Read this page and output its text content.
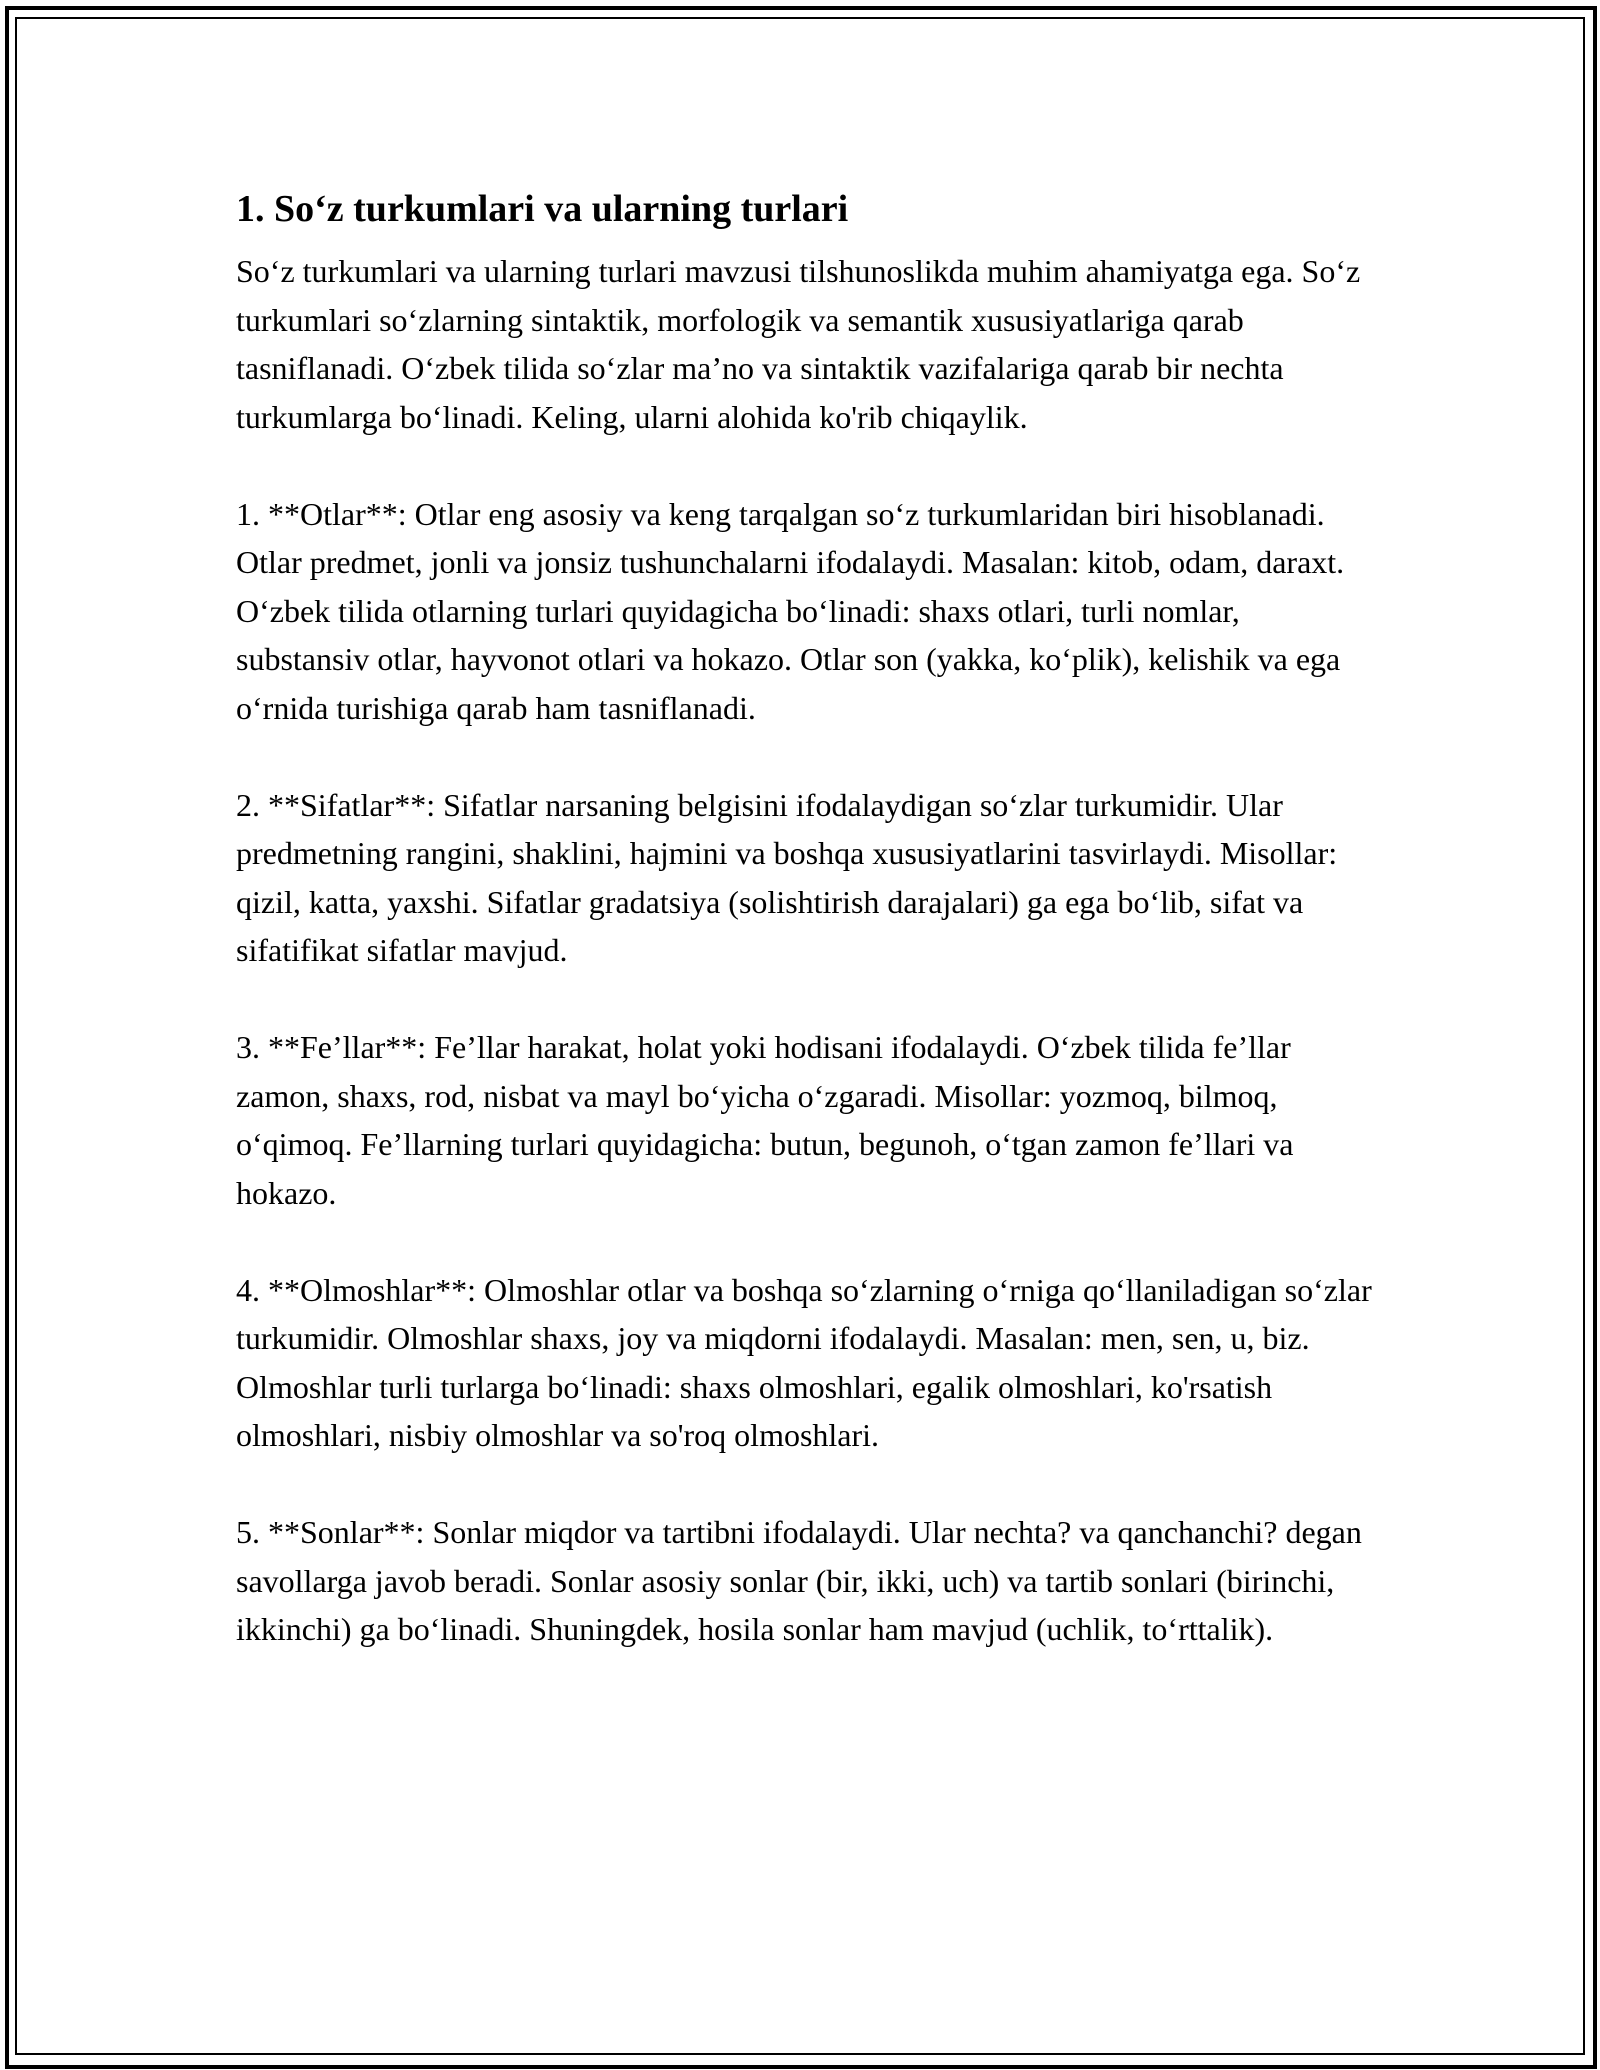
1. So‘z turkumlari va ularning turlari

So‘z turkumlari va ularning turlari mavzusi tilshunoslikda muhim ahamiyatga ega. So‘z turkumlari so‘zlarning sintaktik, morfologik va semantik xususiyatlariga qarab tasniflanadi. O‘zbek tilida so‘zlar ma’no va sintaktik vazifalariga qarab bir nechta turkumlarga bo‘linadi. Keling, ularni alohida ko'rib chiqaylik.

1. **Otlar**: Otlar eng asosiy va keng tarqalgan so‘z turkumlaridan biri hisoblanadi. Otlar predmet, jonli va jonsiz tushunchalarni ifodalaydi. Masalan: kitob, odam, daraxt. O‘zbek tilida otlarning turlari quyidagicha bo‘linadi: shaxs otlari, turli nomlar, substansiv otlar, hayvonot otlari va hokazo. Otlar son (yakka, ko‘plik), kelishik va ega o‘rnida turishiga qarab ham tasniflanadi.

2. **Sifatlar**: Sifatlar narsaning belgisini ifodalaydigan so‘zlar turkumidir. Ular predmetning rangini, shaklini, hajmini va boshqa xususiyatlarini tasvirlaydi. Misollar: qizil, katta, yaxshi. Sifatlar gradatsiya (solishtirish darajalari) ga ega bo‘lib, sifat va sifatifikat sifatlar mavjud.

3. **Fe’llar**: Fe’llar harakat, holat yoki hodisani ifodalaydi. O‘zbek tilida fe’llar zamon, shaxs, rod, nisbat va mayl bo‘yicha o‘zgaradi. Misollar: yozmoq, bilmoq, o‘qimoq. Fe’llarning turlari quyidagicha: butun, begunoh, o‘tgan zamon fe’llari va hokazo.

4. **Olmoshlar**: Olmoshlar otlar va boshqa so‘zlarning o‘rniga qo‘llaniladigan so‘zlar turkumidir. Olmoshlar shaxs, joy va miqdorni ifodalaydi. Masalan: men, sen, u, biz. Olmoshlar turli turlarga bo‘linadi: shaxs olmoshlari, egalik olmoshlari, ko'rsatish olmoshlari, nisbiy olmoshlar va so'roq olmoshlari.

5. **Sonlar**: Sonlar miqdor va tartibni ifodalaydi. Ular nechta? va qanchanchi? degan savollarga javob beradi. Sonlar asosiy sonlar (bir, ikki, uch) va tartib sonlari (birinchi, ikkinchi) ga bo‘linadi. Shuningdek, hosila sonlar ham mavjud (uchlik, to‘rttalik).
